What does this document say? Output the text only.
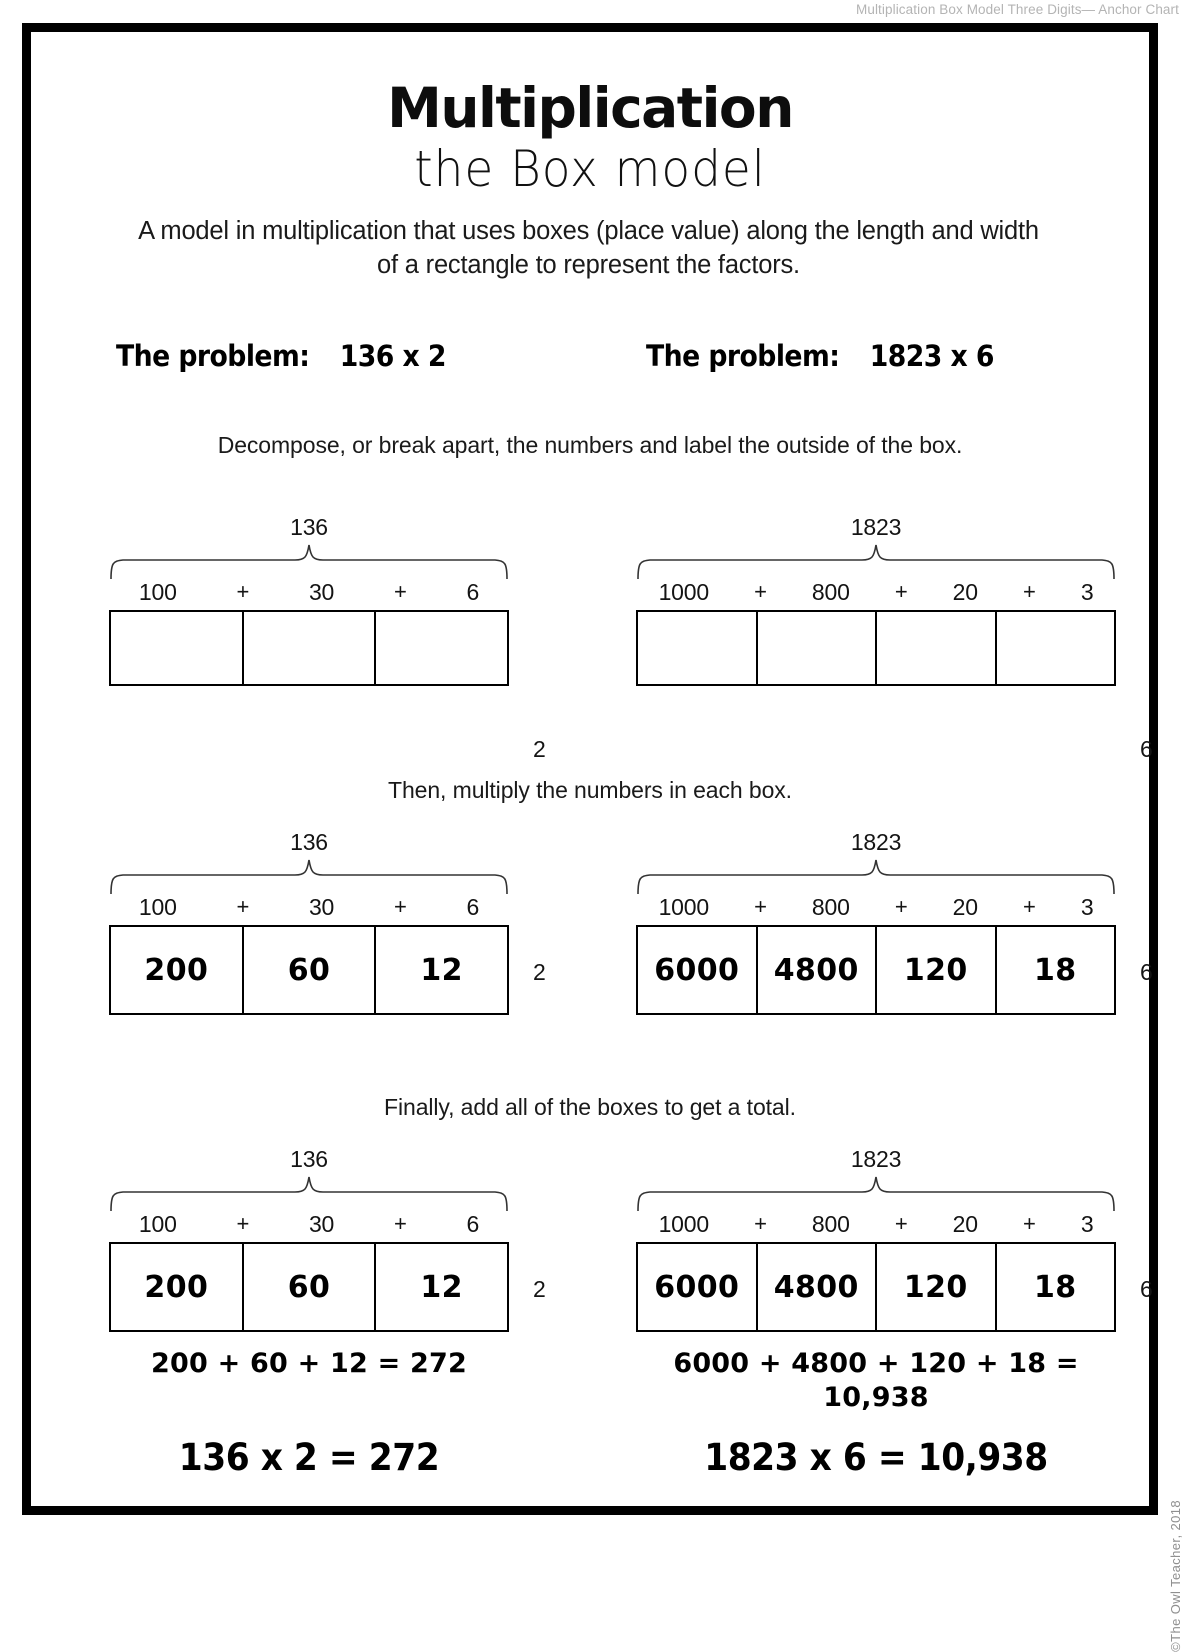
Multiplication Box Model Three Digits— Anchor Chart
©The Owl Teacher, 2018
Multiplication
the Box model
A model in multiplication that uses boxes (place value) along the length and width of a rectangle to represent the factors.
The problem: 136 x 2	The problem: 1823 x 6
Decompose, or break apart, the numbers and label the outside of the box.
136
100	+	30	+	6
2
1823
1000 + 800 + 20 + 3
6
Then, multiply the numbers in each box.
136
100	+	30	+	6
200	60	12	2
1823
1000 + 800 + 20 + 3
6000	4800	120	18	6
Finally, add all of the boxes to get a total.
136
100	+	30	+	6
200	60	12	2
1823
1000 + 800 + 20 + 3
6000	4800	120	18	6
200 + 60 + 12 = 272	6000 + 4800 + 120 + 18 =
10,938
136 x 2 = 272	1823 x 6 = 10,938
